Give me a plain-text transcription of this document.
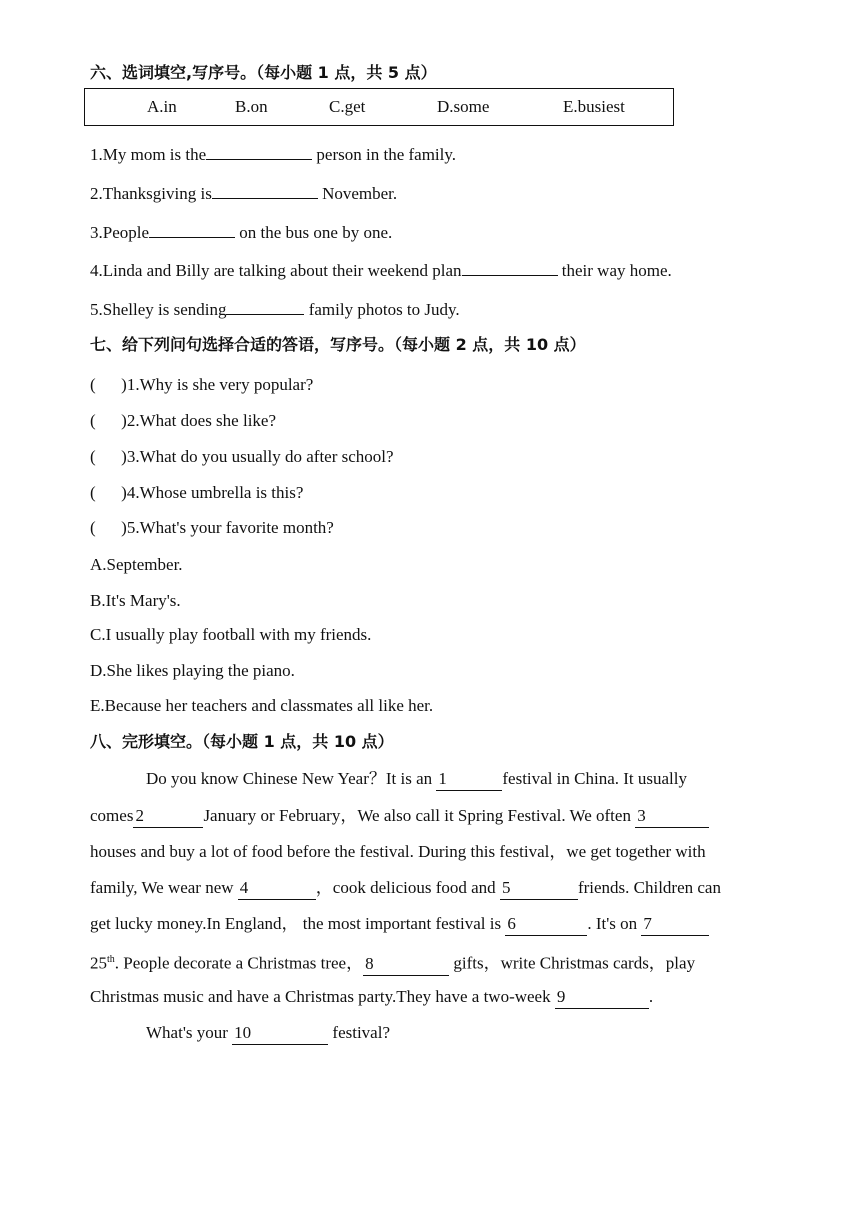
六、选词填空,写序号。（每小题 1 点，共 5 点）
A.in	B.on	C.get	D.some	E.busiest
1.My mom is the	person in the family.
2.Thanksgiving is	November.
3.People	on the bus one by one.
4.Linda and Billy are talking about their weekend plan	their way home.
5.Shelley is sending	family photos to Judy.
七、给下列问句选择合适的答语，写序号。（每小题 2 点，共 10 点）
(      )1.Why is she very popular?
(      )2.What does she like?
(      )3.What do you usually do after school?
(      )4.Whose umbrella is this?
(      )5.What's your favorite month?
A.September.
B.It's Mary's.
C.I usually play football with my friends.
D.She likes playing the piano.
E.Because her teachers and classmates all like her.
八、完形填空。（每小题 1 点，共 10 点）
Do you know Chinese New Year？It is an 1	festival in China. It usually
comes 2	January or February，We also call it Spring Festival. We often 3
houses and buy a lot of food before the festival. During this festival，we get together with
family, We wear new 4	，cook delicious food and 5	friends. Children can
get lucky money.In England， the most important festival is 6	. It's on 7
25th. People decorate a Christmas tree， 8	gifts，write Christmas cards，play
Christmas music and have a Christmas party.They have a two-week 9	.
What's your 10	festival?
